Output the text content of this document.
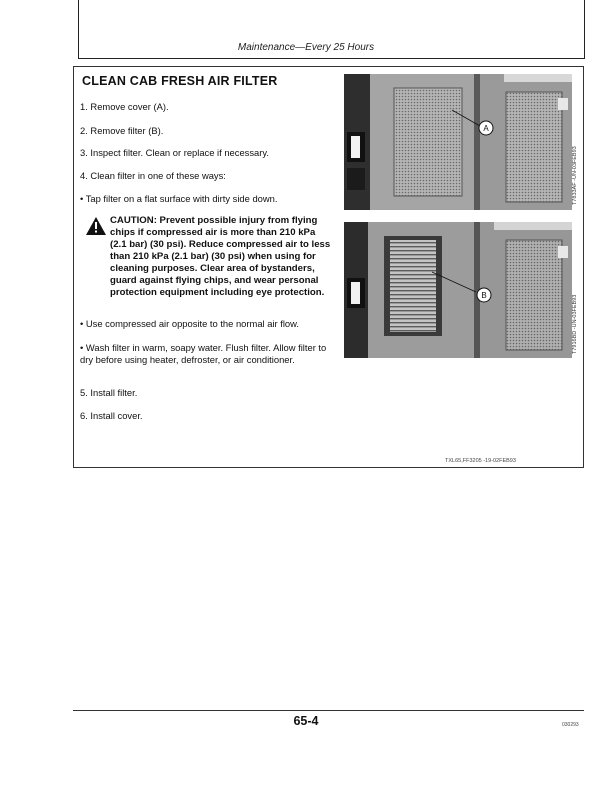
Maintenance—Every 25 Hours
CLEAN CAB FRESH AIR FILTER
1. Remove cover (A).
2. Remove filter (B).
3. Inspect filter. Clean or replace if necessary.
4. Clean filter in one of these ways:
• Tap filter on a flat surface with dirty side down.
CAUTION: Prevent possible injury from flying chips if compressed air is more than 210 kPa (2.1 bar) (30 psi). Reduce compressed air to less than 210 kPa (2.1 bar) (30 psi) when using for cleaning purposes. Clear area of bystanders, guard against flying chips, and wear personal protection equipment including eye protection.
• Use compressed air opposite to the normal air flow.
• Wash filter in warm, soapy water. Flush filter. Allow filter to dry before using heater, defroster, or air conditioner.
5. Install filter.
6. Install cover.
A
T7833AF -UN-03FEB93
B
T7916BD -UN-03FEB93
TXL65,FF3205 -19-02FEB93
65-4	030293
